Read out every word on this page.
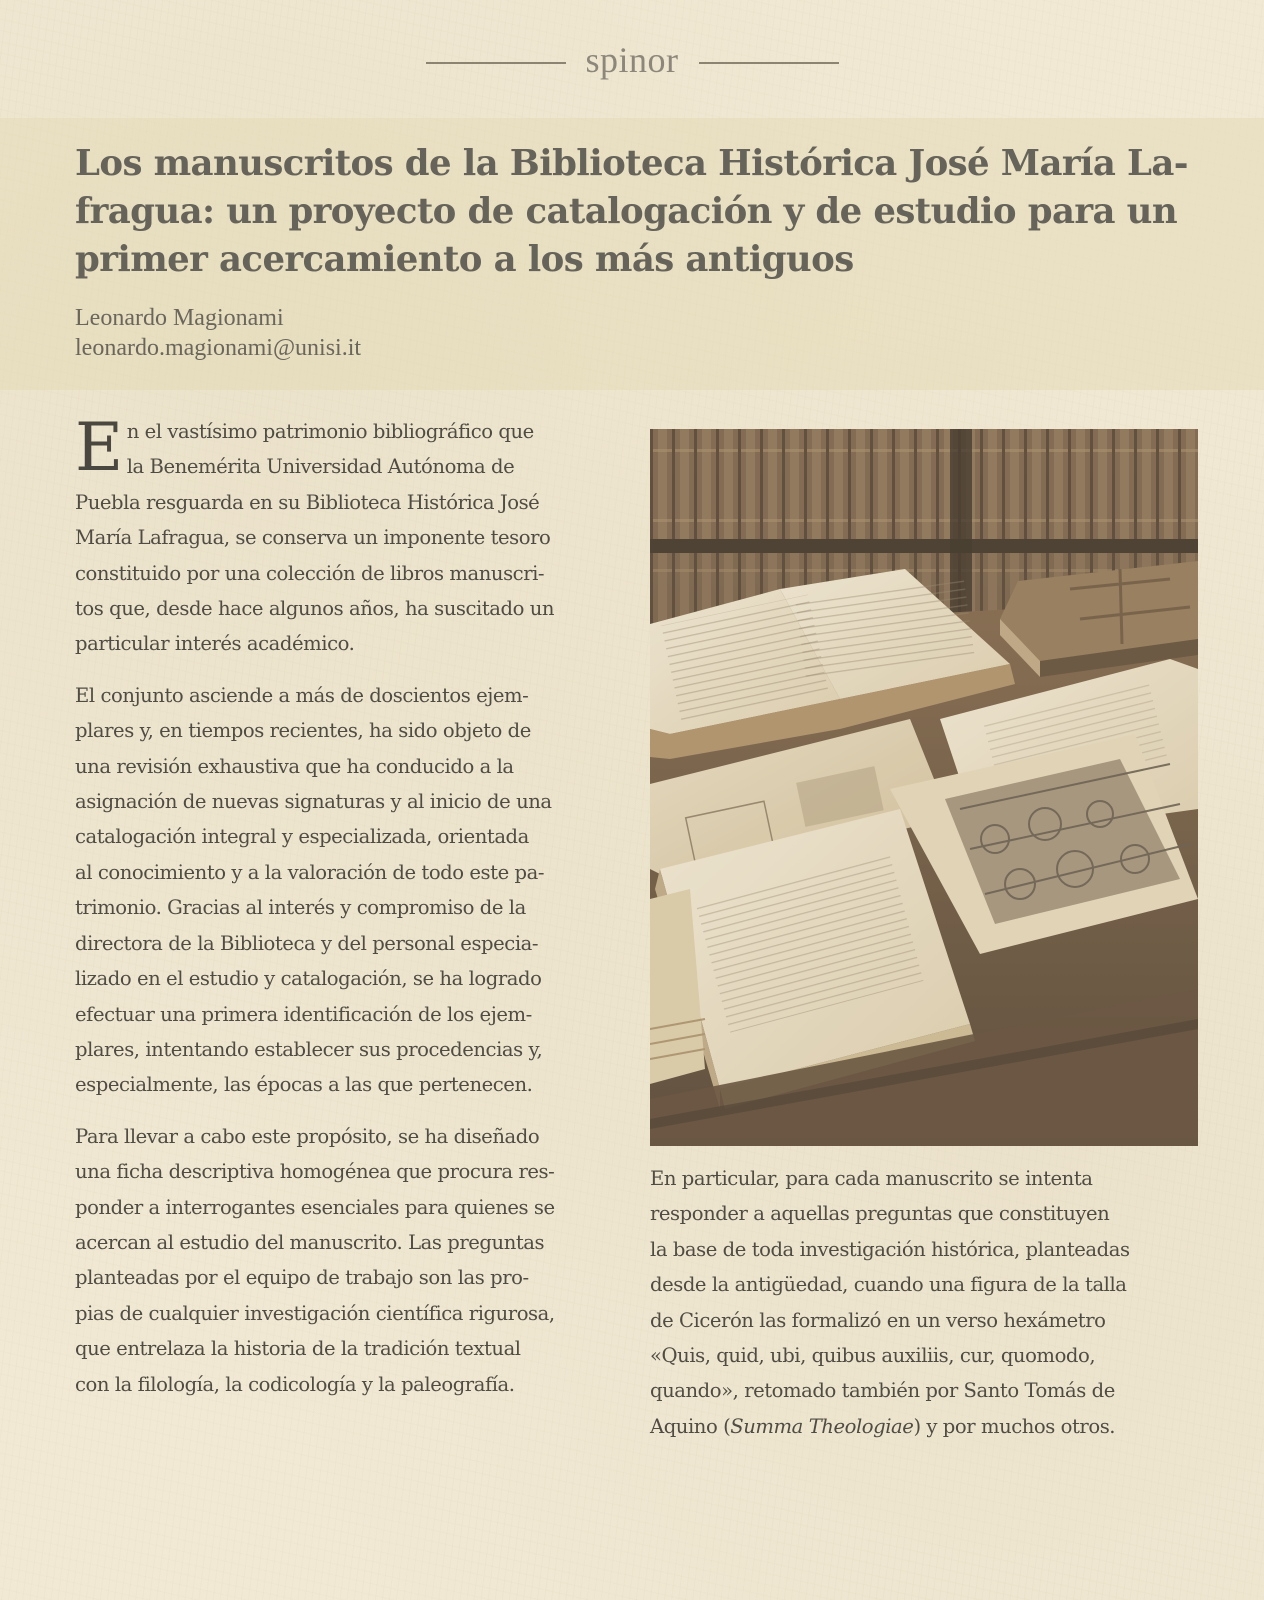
spinor
Los manuscritos de la Biblioteca Histórica José María La-
fragua: un proyecto de catalogación y de estudio para un
primer acercamiento a los más antiguos
Leonardo Magionami
leonardo.magionami@unisi.it

E n el vastísimo patrimonio bibliográfico que
la Benemérita Universidad Autónoma de
Puebla resguarda en su Biblioteca Histórica José
María Lafragua, se conserva un imponente tesoro
constituido por una colección de libros manuscri-
tos que, desde hace algunos años, ha suscitado un
particular interés académico.

El conjunto asciende a más de doscientos ejem-
plares y, en tiempos recientes, ha sido objeto de
una revisión exhaustiva que ha conducido a la
asignación de nuevas signaturas y al inicio de una
catalogación integral y especializada, orientada
al conocimiento y a la valoración de todo este pa-
trimonio. Gracias al interés y compromiso de la
directora de la Biblioteca y del personal especia-
lizado en el estudio y catalogación, se ha logrado
efectuar una primera identificación de los ejem-
plares, intentando establecer sus procedencias y,
especialmente, las épocas a las que pertenecen.

Para llevar a cabo este propósito, se ha diseñado
una ficha descriptiva homogénea que procura res-
ponder a interrogantes esenciales para quienes se
acercan al estudio del manuscrito. Las preguntas
planteadas por el equipo de trabajo son las pro-
pias de cualquier investigación científica rigurosa,
que entrelaza la historia de la tradición textual
con la filología, la codicología y la paleografía.

En particular, para cada manuscrito se intenta
responder a aquellas preguntas que constituyen
la base de toda investigación histórica, planteadas
desde la antigüedad, cuando una figura de la talla
de Cicerón las formalizó en un verso hexámetro
«Quis, quid, ubi, quibus auxiliis, cur, quomodo,
quando», retomado también por Santo Tomás de
Aquino (Summa Theologiae) y por muchos otros.
